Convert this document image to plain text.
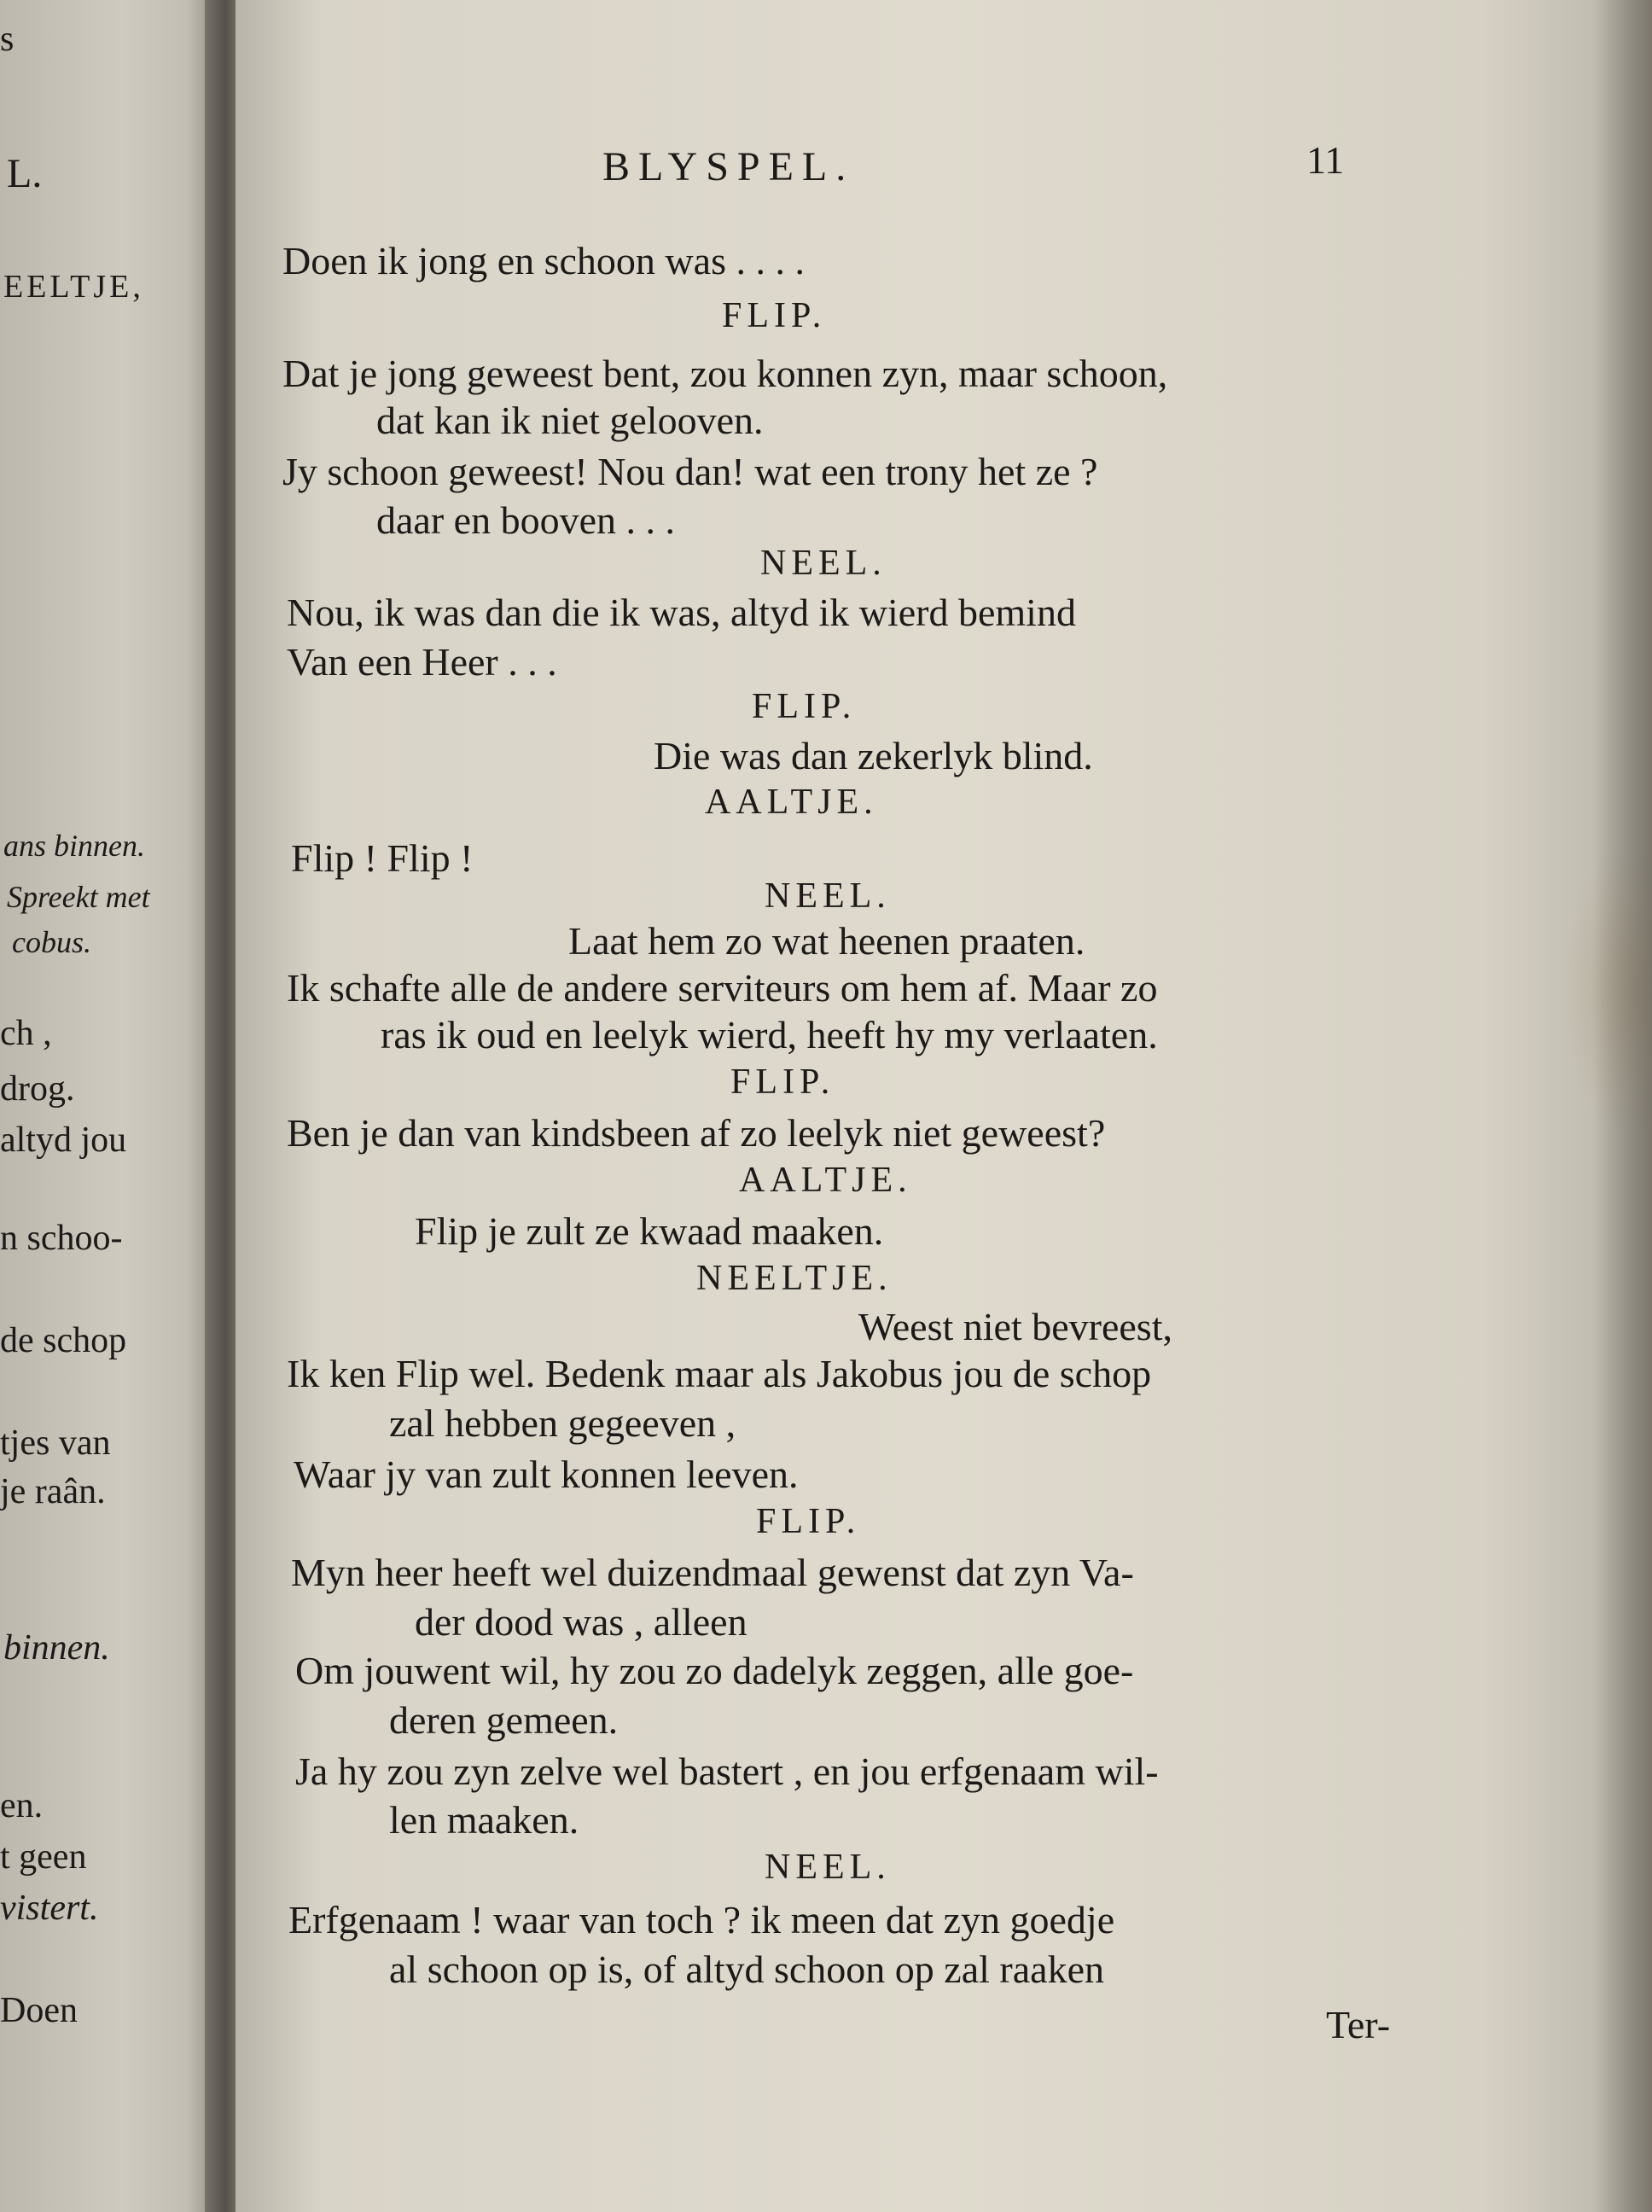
s
L.
EELTJE,
ans binnen.
Spreekt met
cobus.
ch ,
drog.
altyd jou
n schoo-
de schop
tjes van
je raân.
binnen.
en.
t geen
vistert.
Doen
BLYSPEL.	11
Doen ik jong en schoon was . . . .
FLIP.
Dat je jong geweest bent, zou konnen zyn, maar schoon,
dat kan ik niet gelooven.
Jy schoon geweest! Nou dan! wat een trony het ze ?
daar en booven . . .
NEEL.
Nou, ik was dan die ik was, altyd ik wierd bemind
Van een Heer . . .
FLIP.
Die was dan zekerlyk blind.
AALTJE.
Flip ! Flip !
NEEL.
Laat hem zo wat heenen praaten.
Ik schafte alle de andere serviteurs om hem af. Maar zo
ras ik oud en leelyk wierd, heeft hy my verlaaten.
FLIP.
Ben je dan van kindsbeen af zo leelyk niet geweest?
AALTJE.
Flip je zult ze kwaad maaken.
NEELTJE.
Weest niet bevreest,
Ik ken Flip wel. Bedenk maar als Jakobus jou de schop
zal hebben gegeeven ,
Waar jy van zult konnen leeven.
FLIP.
Myn heer heeft wel duizendmaal gewenst dat zyn Va-
der dood was , alleen
Om jouwent wil, hy zou zo dadelyk zeggen, alle goe-
deren gemeen.
Ja hy zou zyn zelve wel bastert , en jou erfgenaam wil-
len maaken.
NEEL.
Erfgenaam ! waar van toch ? ik meen dat zyn goedje
al schoon op is, of altyd schoon op zal raaken
Ter-
